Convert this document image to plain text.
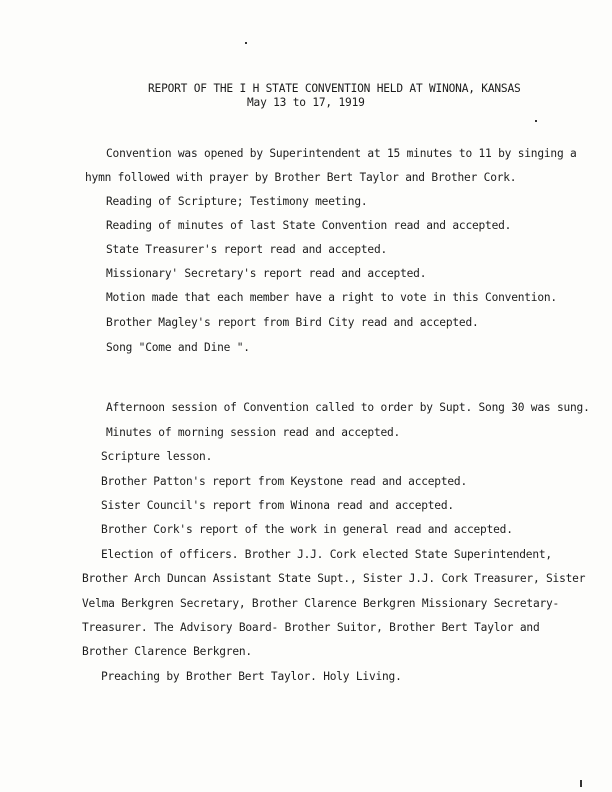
REPORT OF THE I H STATE CONVENTION HELD AT WINONA, KANSAS
May 13 to 17, 1919
Convention was opened by Superintendent at 15 minutes to 11 by singing a
hymn followed with prayer by Brother Bert Taylor and Brother Cork.
Reading of Scripture; Testimony meeting.
Reading of minutes of last State Convention read and accepted.
State Treasurer's report read and accepted.
Missionary' Secretary's report read and accepted.
Motion made that each member have a right to vote in this Convention.
Brother Magley's report from Bird City read and accepted.
Song "Come and Dine ".
Afternoon session of Convention called to order by Supt. Song 30 was sung.
Minutes of morning session read and accepted.
Scripture lesson.
Brother Patton's report from Keystone read and accepted.
Sister Council's report from Winona read and accepted.
Brother Cork's report of the work in general read and accepted.
Election of officers. Brother J.J. Cork elected State Superintendent,
Brother Arch Duncan Assistant State Supt., Sister J.J. Cork Treasurer, Sister
Velma Berkgren Secretary, Brother Clarence Berkgren Missionary Secretary-
Treasurer. The Advisory Board- Brother Suitor, Brother Bert Taylor and
Brother Clarence Berkgren.
Preaching by Brother Bert Taylor. Holy Living.
